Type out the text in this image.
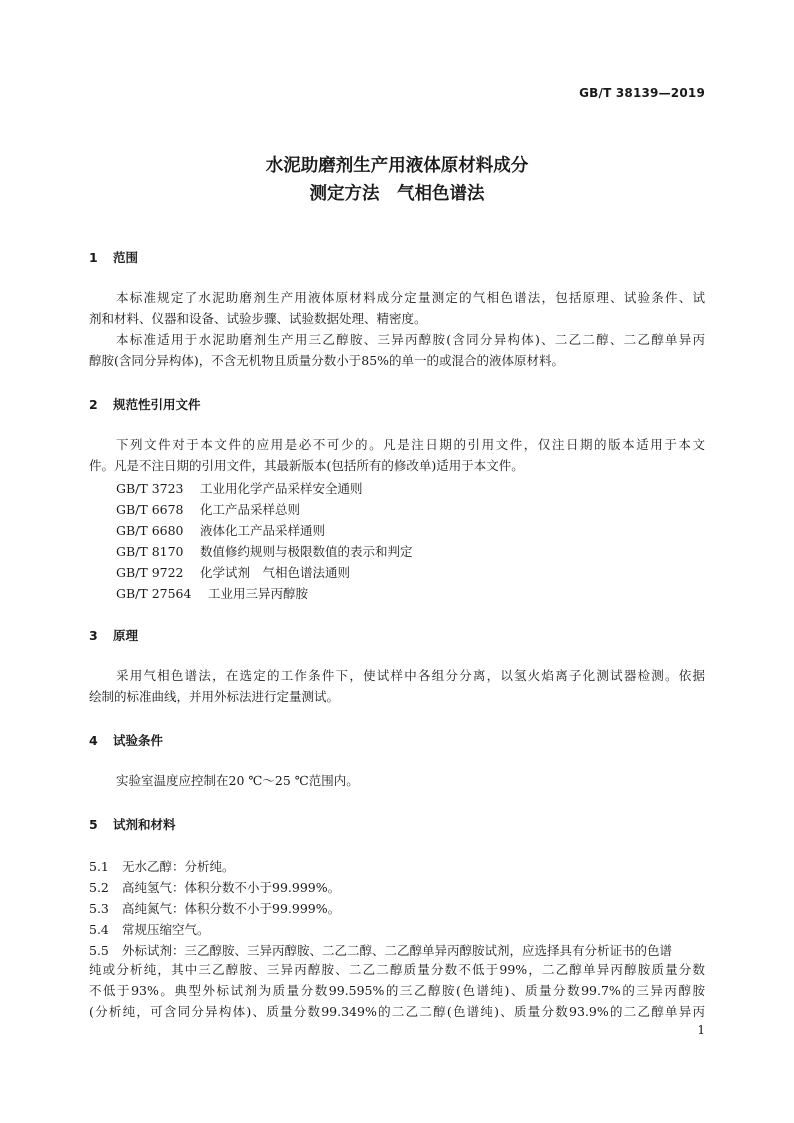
GB/T 38139—2019
水泥助磨剂生产用液体原材料成分
测定方法　气相色谱法
1 范围
本标准规定了水泥助磨剂生产用液体原材料成分定量测定的气相色谱法，包括原理、试验条件、试
剂和材料、仪器和设备、试验步骤、试验数据处理、精密度。
本标准适用于水泥助磨剂生产用三乙醇胺、三异丙醇胺(含同分异构体)、二乙二醇、二乙醇单异丙
醇胺(含同分异构体)，不含无机物且质量分数小于85%的单一的或混合的液体原材料。
2 规范性引用文件
下列文件对于本文件的应用是必不可少的。凡是注日期的引用文件，仅注日期的版本适用于本文
件。凡是不注日期的引用文件，其最新版本(包括所有的修改单)适用于本文件。
GB/T 3723 工业用化学产品采样安全通则
GB/T 6678 化工产品采样总则
GB/T 6680 液体化工产品采样通则
GB/T 8170 数值修约规则与极限数值的表示和判定
GB/T 9722 化学试剂　气相色谱法通则
GB/T 27564 工业用三异丙醇胺
3 原理
采用气相色谱法，在选定的工作条件下，使试样中各组分分离，以氢火焰离子化测试器检测。依据
绘制的标准曲线，并用外标法进行定量测试。
4 试验条件
实验室温度应控制在20 ℃～25 ℃范围内。
5 试剂和材料
5.1 无水乙醇：分析纯。
5.2 高纯氢气：体积分数不小于99.999%。
5.3 高纯氮气：体积分数不小于99.999%。
5.4 常规压缩空气。
5.5 外标试剂：三乙醇胺、三异丙醇胺、二乙二醇、二乙醇单异丙醇胺试剂，应选择具有分析证书的色谱
纯或分析纯，其中三乙醇胺、三异丙醇胺、二乙二醇质量分数不低于99%，二乙醇单异丙醇胺质量分数
不低于93%。典型外标试剂为质量分数99.595%的三乙醇胺(色谱纯)、质量分数99.7%的三异丙醇胺
(分析纯，可含同分异构体)、质量分数99.349%的二乙二醇(色谱纯)、质量分数93.9%的二乙醇单异丙
1
